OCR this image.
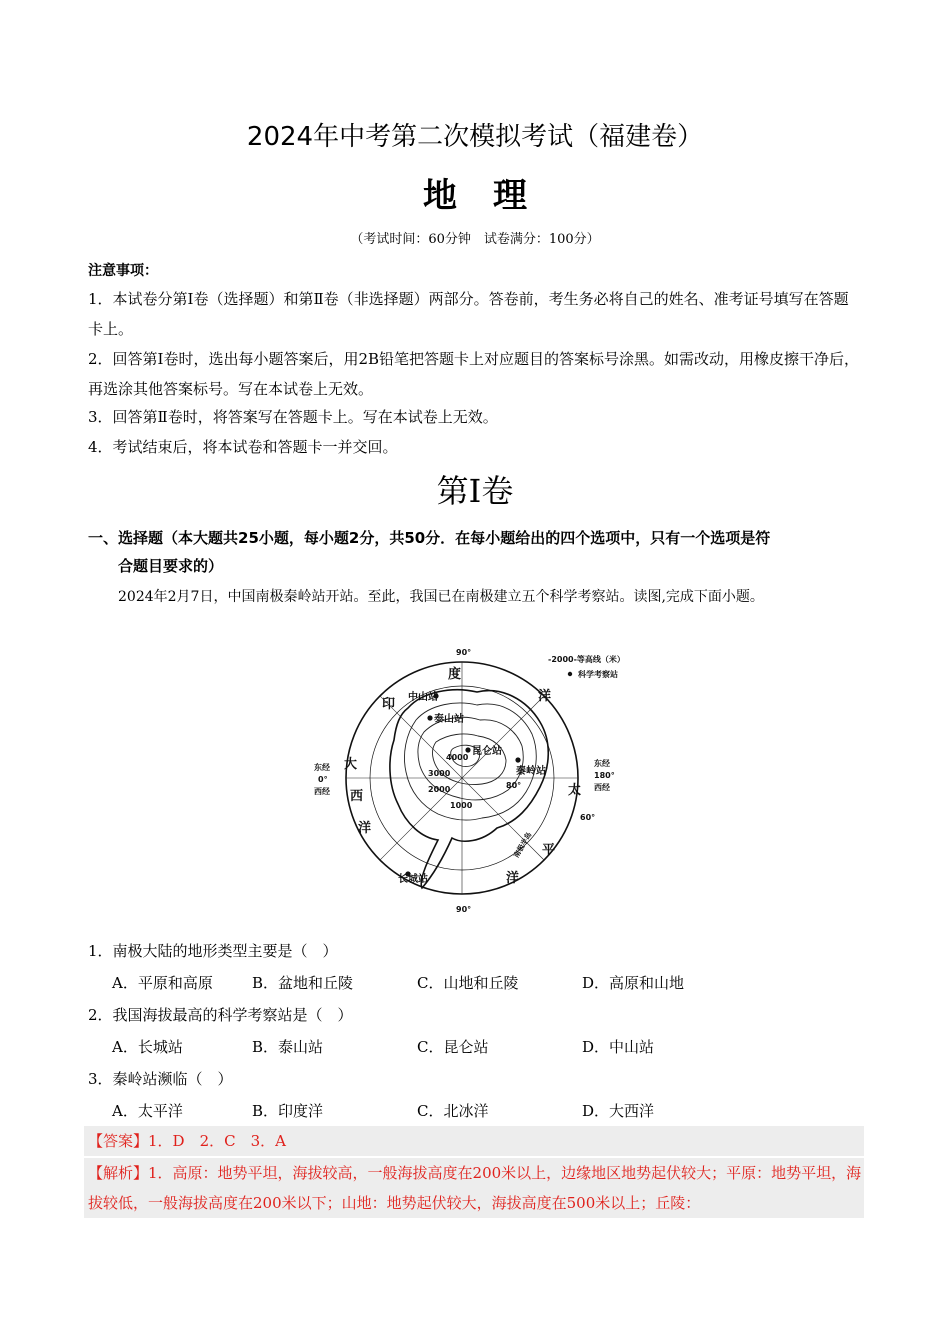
2024年中考第二次模拟考试（福建卷）
地理
（考试时间：60分钟　试卷满分：100分）
注意事项：
1．本试卷分第Ⅰ卷（选择题）和第Ⅱ卷（非选择题）两部分。答卷前，考生务必将自己的姓名、准考证号填写在答题卡上。
2．回答第Ⅰ卷时，选出每小题答案后，用2B铅笔把答题卡上对应题目的答案标号涂黑。如需改动，用橡皮擦干净后，再选涂其他答案标号。写在本试卷上无效。
3．回答第Ⅱ卷时，将答案写在答题卡上。写在本试卷上无效。
4．考试结束后，将本试卷和答题卡一并交回。
第Ⅰ卷
一、选择题（本大题共25小题，每小题2分，共50分．在每小题给出的四个选项中，只有一个选项是符
合题目要求的）
2024年2月7日，中国南极秦岭站开站。至此，我国已在南极建立五个科学考察站。读图,完成下面小题。
印
度
洋
大
西
洋
太
平
洋
90°
90°
东经
0°
西经
东经
180°
西经
80°
60°
4000
3000
2000
1000
中山站
泰山站
昆仑站
秦岭站
长城站
南极半岛
-2000-等高线（米）
科学考察站
1．南极大陆的地形类型主要是（　）
A．平原和高原	B．盆地和丘陵	C．山地和丘陵	D．高原和山地
2．我国海拔最高的科学考察站是（　）
A．长城站	B．泰山站	C．昆仑站	D．中山站
3．秦岭站濒临（　）
A．太平洋	B．印度洋	C．北冰洋	D．大西洋
【答案】1．D　2．C　3．A
【解析】1．高原：地势平坦，海拔较高，一般海拔高度在200米以上，边缘地区地势起伏较大；平原：地势平坦，海拔较低，一般海拔高度在200米以下；山地：地势起伏较大，海拔高度在500米以上；丘陵：
